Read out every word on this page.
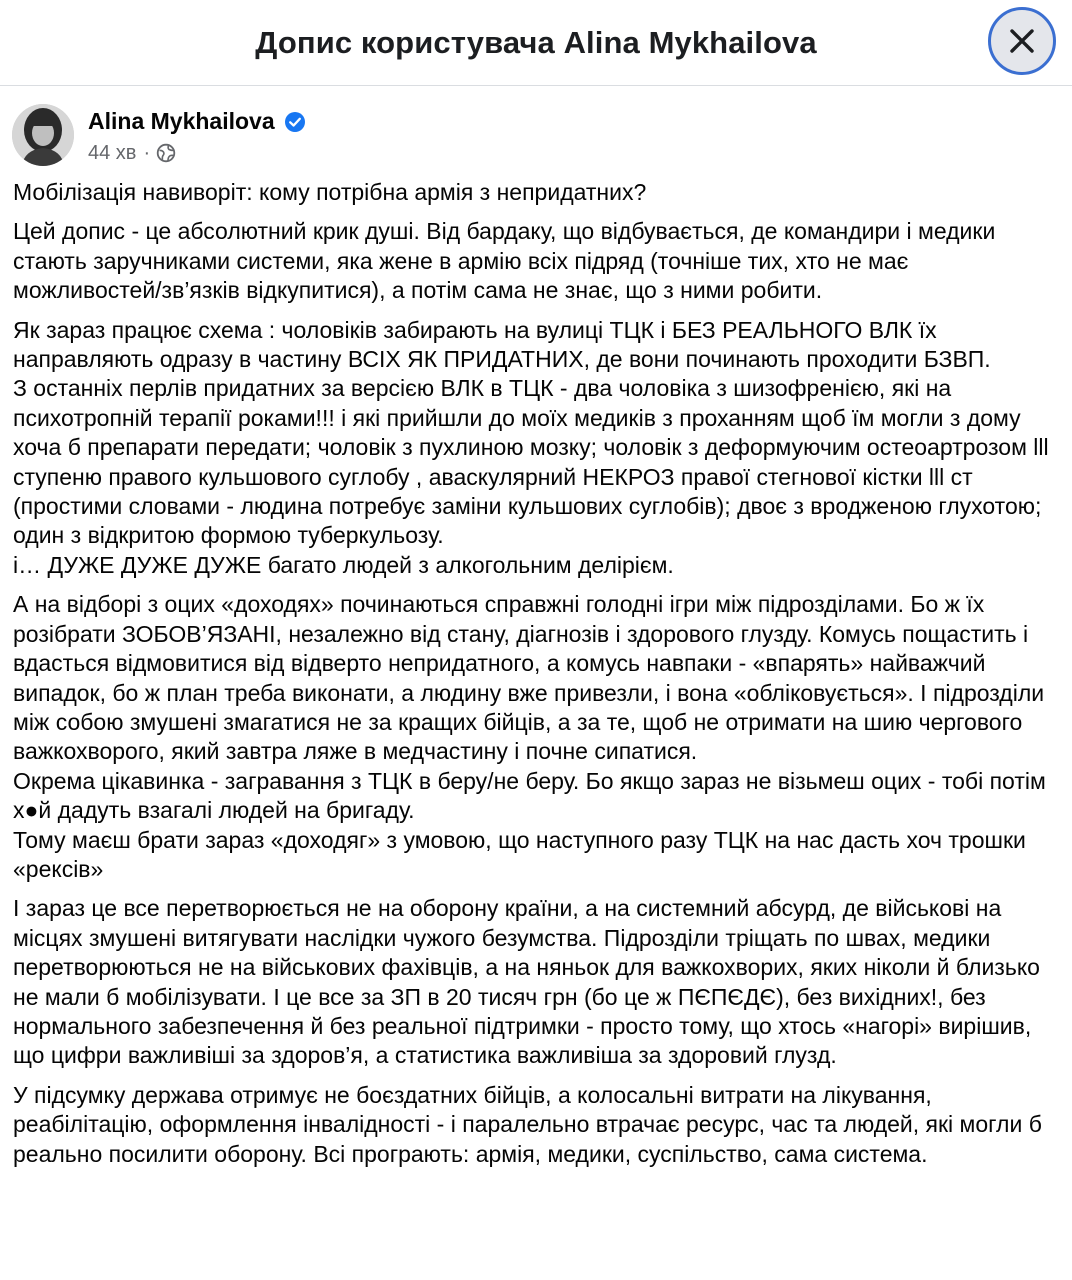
Допис користувача Alina Mykhailova
Alina Mykhailova
44 хв ·

Мобілізація навиворіт: кому потрібна армія з непридатних?

Цей допис - це абсолютний крик душі. Від бардаку, що відбувається, де командири і медики стають заручниками системи, яка жене в армію всіх підряд (точніше тих, хто не має можливостей/зв’язків відкупитися), а потім сама не знає, що з ними робити.

Як зараз працює схема : чоловіків забирають на вулиці ТЦК і БЕЗ РЕАЛЬНОГО ВЛК їх направляють одразу в частину ВСІХ ЯК ПРИДАТНИХ, де вони починають проходити БЗВП.
З останніх перлів придатних за версією ВЛК в ТЦК - два чоловіка з шизофренією, які на психотропній терапії роками!!! і які прийшли до моїх медиків з проханням щоб їм могли з дому хоча б препарати передати; чоловік з пухлиною мозку; чоловік з деформуючим остеоартрозом lll ступеню правого кульшового суглобу , аваскулярний НЕКРОЗ правої стегнової кістки lll ст (простими словами - людина потребує заміни кульшових суглобів); двоє з вродженою глухотою; один з відкритою формою туберкульозу.
і… ДУЖЕ ДУЖЕ ДУЖЕ багато людей з алкогольним делірієм.

А на відборі з оцих «доходях» починаються справжні голодні ігри між підрозділами. Бо ж їх розібрати ЗОБОВ’ЯЗАНІ, незалежно від стану, діагнозів і здорового глузду. Комусь пощастить і вдасться відмовитися від відверто непридатного, а комусь навпаки - «впарять» найважчий випадок, бо ж план треба виконати, а людину вже привезли, і вона «обліковується». І підрозділи між собою змушені змагатися не за кращих бійців, а за те, щоб не отримати на шию чергового важкохворого, який завтра ляже в медчастину і почне сипатися.
Окрема цікавинка - загравання з ТЦК в беру/не беру. Бо якщо зараз не візьмеш оцих - тобі потім х●й дадуть взагалі людей на бригаду.
Тому маєш брати зараз «доходяг» з умовою, що наступного разу ТЦК на нас дасть хоч трошки «рексів»

І зараз це все перетворюється не на оборону країни, а на системний абсурд, де військові на місцях змушені витягувати наслідки чужого безумства. Підрозділи тріщать по швах, медики перетворюються не на військових фахівців, а на няньок для важкохворих, яких ніколи й близько не мали б мобілізувати. І це все за ЗП в 20 тисяч грн (бо це ж ПЄПЄДЄ), без вихідних!, без нормального забезпечення й без реальної підтримки - просто тому, що хтось «нагорі» вирішив, що цифри важливіші за здоров’я, а статистика важливіша за здоровий глузд.

У підсумку держава отримує не боєздатних бійців, а колосальні витрати на лікування, реабілітацію, оформлення інвалідності - і паралельно втрачає ресурс, час та людей, які могли б реально посилити оборону. Всі програють: армія, медики, суспільство, сама система.
